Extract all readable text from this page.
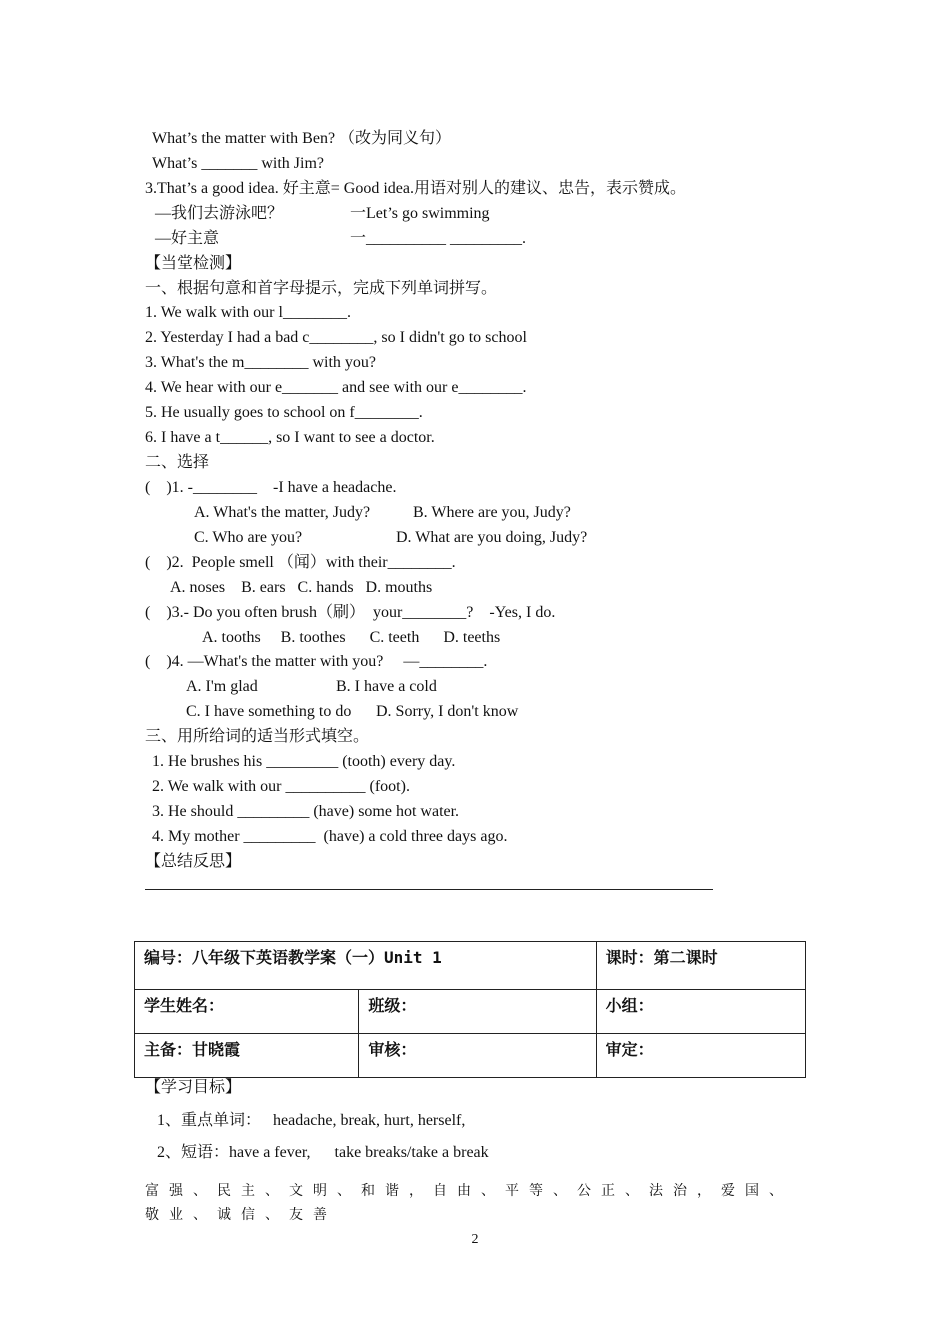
What’s the matter with Ben? （改为同义句）
What’s _______ with Jim?
3.That’s a good idea. 好主意= Good idea.用语对别人的建议、忠告，表示赞成。
—我们去游泳吧？	一Let’s go swimming
—好主意	一__________ _________.
【当堂检测】
一、根据句意和首字母提示，完成下列单词拼写。
1. We walk with our l________.
2. Yesterday I had a bad c________, so I didn't go to school
3. What's the m________ with you?
4. We hear with our e_______ and see with our e________.
5. He usually goes to school on f________.
6. I have a t______, so I want to see a doctor.
二、选择
(    )1. -________    -I have a headache.
A. What's the matter, Judy?	B. Where are you, Judy?
C. Who are you?	D. What are you doing, Judy?
(    )2.  People smell （闻）with their________.
A. noses    B. ears   C. hands   D. mouths
(    )3.- Do you often brush（刷）  your________?    -Yes, I do.
A. tooths     B. toothes      C. teeth      D. teeths
(    )4. —What's the matter with you?     —________.
A. I'm glad	B. I have a cold
C. I have something to do D. Sorry, I don't know
三、用所给词的适当形式填空。
1. He brushes his _________ (tooth) every day.
2. We walk with our __________ (foot).
3. He should _________ (have) some hot water.
4. My mother _________  (have) a cold three days ago.
【总结反思】
编号：八年级下英语教学案（一）Unit 1		课时：第二课时
学生姓名：	班级：	小组：
主备：甘晓霞	审核：	审定：
【学习目标】
1、重点单词：   headache, break, hurt, herself,
2、短语：have a fever,      take breaks/take a break
富强、民主、文明、和谐，自由、平等、公正、法治，爱国、敬业、诚信、友善
2
